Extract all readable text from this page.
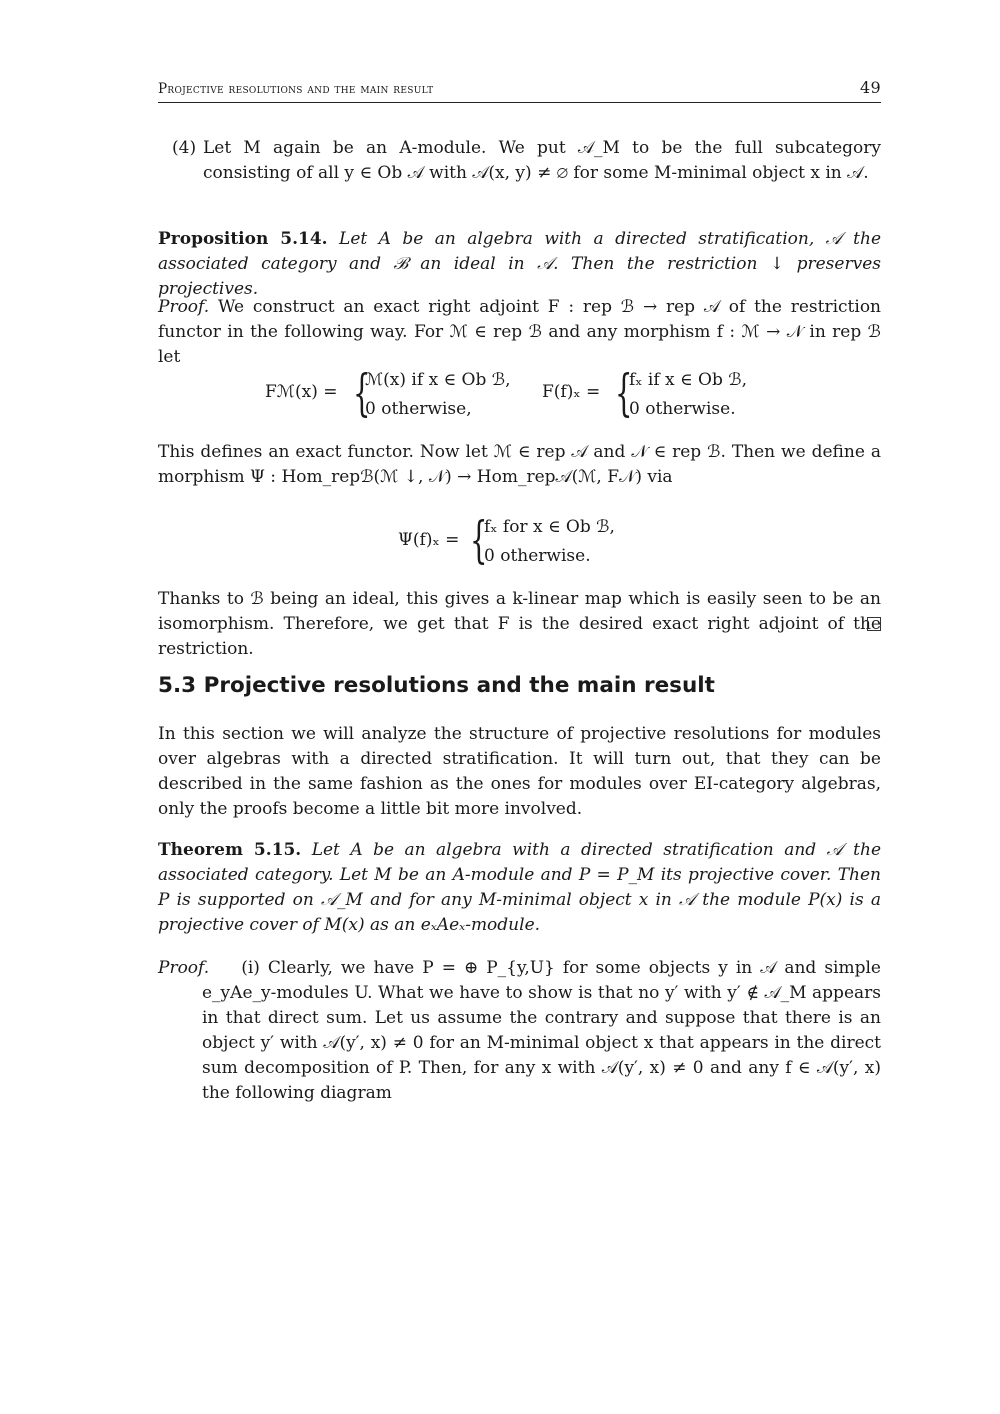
Projective resolutions and the main result	49
(4) Let M again be an A-module. We put 𝒜_M to be the full subcategory consisting of all y ∈ Ob 𝒜 with 𝒜(x, y) ≠ ∅ for some M-minimal object x in 𝒜.
Proposition 5.14. Let A be an algebra with a directed stratification, 𝒜 the associated category and ℬ an ideal in 𝒜. Then the restriction ↓ preserves projectives.
Proof. We construct an exact right adjoint F : rep ℬ → rep 𝒜 of the restriction functor in the following way. For ℳ ∈ rep ℬ and any morphism f : ℳ → 𝒩 in rep ℬ let
Fℳ(x) = {
ℳ(x) if x ∈ Ob ℬ,
0 otherwise,
F(f)ₓ = {
fₓ if x ∈ Ob ℬ,
0 otherwise.
This defines an exact functor. Now let ℳ ∈ rep 𝒜 and 𝒩 ∈ rep ℬ. Then we define a morphism Ψ : Hom_repℬ(ℳ ↓, 𝒩) → Hom_rep𝒜(ℳ, F𝒩) via
Ψ(f)ₓ = {
fₓ for x ∈ Ob ℬ,
0 otherwise.
Thanks to ℬ being an ideal, this gives a k-linear map which is easily seen to be an isomorphism. Therefore, we get that F is the desired exact right adjoint of the restriction.
5.3 Projective resolutions and the main result
In this section we will analyze the structure of projective resolutions for modules over algebras with a directed stratification. It will turn out, that they can be described in the same fashion as the ones for modules over EI-category algebras, only the proofs become a little bit more involved.
Theorem 5.15. Let A be an algebra with a directed stratification and 𝒜 the associated category. Let M be an A-module and P = P_M its projective cover. Then P is supported on 𝒜_M and for any M-minimal object x in 𝒜 the module P(x) is a projective cover of M(x) as an eₓAeₓ-module.
Proof. (i) Clearly, we have P = ⊕ P_{y,U} for some objects y in 𝒜 and simple e_yAe_y-modules U. What we have to show is that no y′ with y′ ∉ 𝒜_M appears in that direct sum. Let us assume the contrary and suppose that there is an object y′ with 𝒜(y′, x) ≠ 0 for an M-minimal object x that appears in the direct sum decomposition of P. Then, for any x with 𝒜(y′, x) ≠ 0 and any f ∈ 𝒜(y′, x) the following diagram
